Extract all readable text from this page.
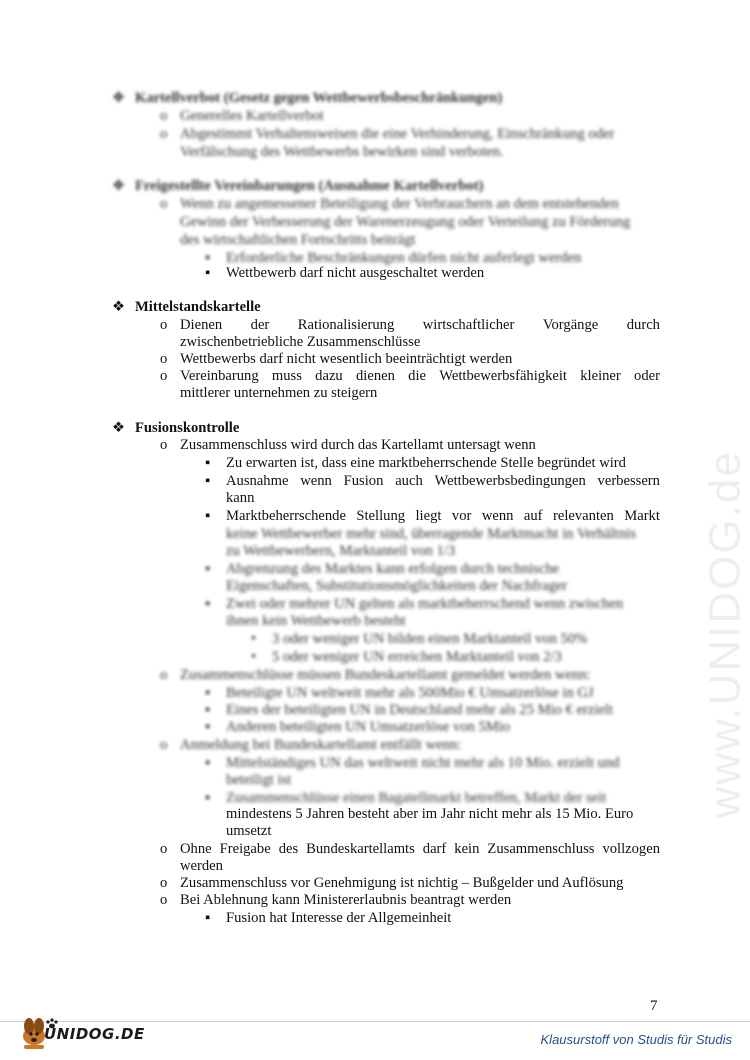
www.UNIDOG.de
❖ Kartellverbot (Gesetz gegen Wettbewerbsbeschränkungen)
o Generelles Kartellverbot
o Abgestimmt Verhaltensweisen die eine Verhinderung, Einschränkung oder
Verfälschung des Wettbewerbs bewirken sind verboten.
❖ Freigestellte Vereinbarungen (Ausnahme Kartellverbot)
o Wenn zu angemessener Beteiligung der Verbrauchern an dem entstehenden
Gewinn der Verbesserung der Warenerzeugung oder Verteilung zu Förderung
des wirtschaftlichen Fortschritts beiträgt
▪ Erforderliche Beschränkungen dürfen nicht auferlegt werden
▪ Wettbewerb darf nicht ausgeschaltet werden
❖ Mittelstandskartelle
o Dienen der Rationalisierung wirtschaftlicher Vorgänge durch
zwischenbetriebliche Zusammenschlüsse
o Wettbewerbs darf nicht wesentlich beeinträchtigt werden
o Vereinbarung muss dazu dienen die Wettbewerbsfähigkeit kleiner oder
mittlerer unternehmen zu steigern
❖ Fusionskontrolle
o Zusammenschluss wird durch das Kartellamt untersagt wenn
▪ Zu erwarten ist, dass eine marktbeherrschende Stelle begründet wird
▪ Ausnahme wenn Fusion auch Wettbewerbsbedingungen verbessern
kann
▪ Marktbeherrschende Stellung liegt vor wenn auf relevanten Markt
keine Wettbewerber mehr sind, überragende Marktmacht in Verhältnis
zu Wettbewerbern, Marktanteil von 1/3
▪ Abgrenzung des Marktes kann erfolgen durch technische
Eigenschaften, Substitutionsmöglichkeiten der Nachfrager
▪ Zwei oder mehrer UN gelten als marktbeherrschend wenn zwischen
ihnen kein Wettbewerb besteht
• 3 oder weniger UN bilden einen Marktanteil von 50%
• 5 oder weniger UN erreichen Marktanteil von 2/3
o Zusammenschlüsse müssen Bundeskartellamt gemeldet werden wenn:
▪ Beteiligte UN weltweit mehr als 500Mio € Umsatzerlöse in GJ
▪ Eines der beteiligten UN in Deutschland mehr als 25 Mio € erzielt
▪ Anderen beteiligten UN Umsatzerlöse von 5Mio
o Anmeldung bei Bundeskartellamt entfällt wenn:
▪ Mittelständiges UN das weltweit nicht mehr als 10 Mio. erzielt und
beteiligt ist
▪ Zusammenschlüsse einen Bagatellmarkt betreffen, Markt der seit
mindestens 5 Jahren besteht aber im Jahr nicht mehr als 15 Mio. Euro
umsetzt
o Ohne Freigabe des Bundeskartellamts darf kein Zusammenschluss vollzogen
werden
o Zusammenschluss vor Genehmigung ist nichtig – Bußgelder und Auflösung
o Bei Ablehnung kann Ministererlaubnis beantragt werden
▪ Fusion hat Interesse der Allgemeinheit
7
UNIDOG.DE	Klausurstoff von Studis für Studis
